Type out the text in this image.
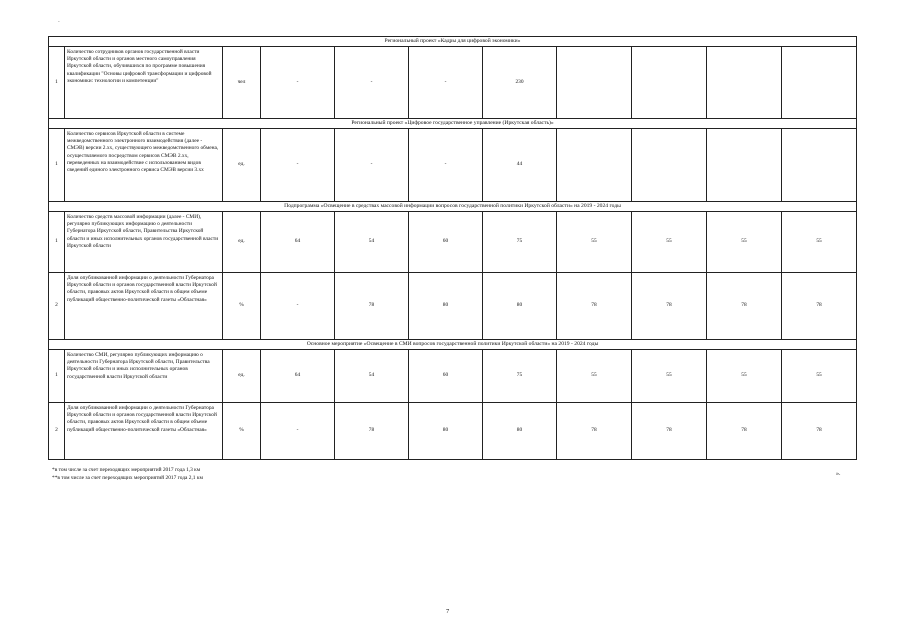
-
Региональный проект «Кадры для цифровой экономики»										
1	Количество сотрудников органов государственной власти Иркутской области и органов местного самоуправления Иркутской области, обучившихся по программе повышения квалификации "Основы цифровой трансформации и цифровой экономики: технологии и компетенции"	чел	-	-	-	230				
Региональный проект «Цифровое государственное управление (Иркутская область)»										
1	Количество сервисов Иркутской области в системе межведомственного электронного взаимодействия (далее - СМЭВ) версии 2.хх, существующего межведомственного обмена, осуществляемого посредством сервисов СМЭВ 2.хх, переведенных на взаимодействие с использованием видов сведений единого электронного сервиса СМЭВ версии 3.хх	ед.	-	-	-	44				
Подпрограмма «Освещение в средствах массовой информации вопросов государственной политики Иркутской области» на 2019 - 2024 годы										
1	Количество средств массовой информации (далее - СМИ), регулярно публикующих информацию о деятельности Губернатора Иркутской области, Правительства Иркутской области и иных исполнительных органов государственной власти Иркутской области	ед.	64	54	60	75	55	55	55	55
2	Доля опубликованной информации о деятельности Губернатора Иркутской области и органов государственной власти Иркутской области, правовых актов Иркутской области в общем объеме публикаций общественно-политической газеты «Областная»	%	-	78	80	80	78	78	78	78
Основное мероприятие «Освещение в СМИ вопросов государственной политики Иркутской области» на 2019 - 2024 годы										
1	Количество СМИ, регулярно публикующих информацию о деятельности Губернатора Иркутской области, Правительства Иркутской области и иных исполнительных органов государственной власти Иркутской области	ед.	64	54	60	75	55	55	55	55
2	Доля опубликованной информации о деятельности Губернатора Иркутской области и органов государственной власти Иркутской области, правовых актов Иркутской области в общем объеме публикаций общественно-политической газеты «Областная»	%	-	78	80	80	78	78	78	78
*в том числе за счет переходящих мероприятий 2017 года 1,3 км
**в том числе за счет переходящих мероприятий 2017 года 2,1 км
».
7
